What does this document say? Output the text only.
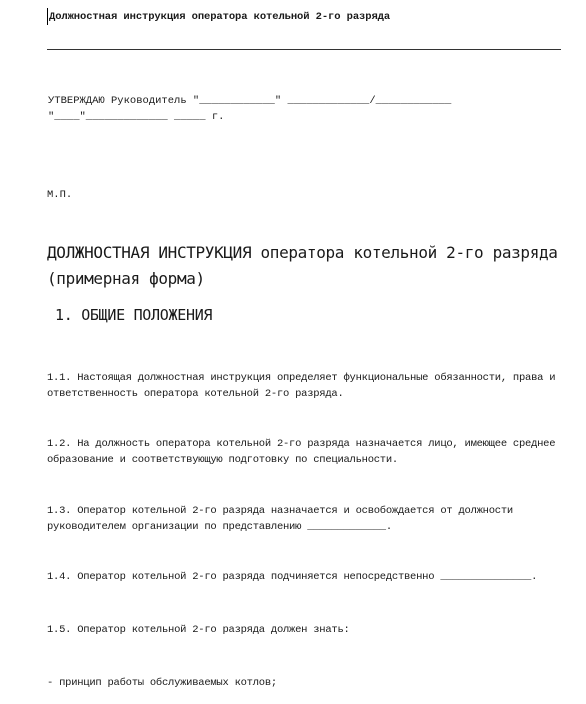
Должностная инструкция оператора котельной 2-го разряда
УТВЕРЖДАЮ Руководитель "____________" _____________/____________
"____"_____________ _____ г.
М.П.
ДОЛЖНОСТНАЯ ИНСТРУКЦИЯ оператора котельной 2-го разряда (примерная форма)
1. ОБЩИЕ ПОЛОЖЕНИЯ

1.1. Настоящая должностная инструкция определяет функциональные обязанности, права и ответственность оператора котельной 2-го разряда.

1.2. На должность оператора котельной 2-го разряда назначается лицо, имеющее среднее образование и соответствующую подготовку по специальности.

1.3. Оператор котельной 2-го разряда назначается и освобождается от должности руководителем организации по представлению _____________.

1.4. Оператор котельной 2-го разряда подчиняется непосредственно _______________.

1.5. Оператор котельной 2-го разряда должен знать:

- принцип работы обслуживаемых котлов;
